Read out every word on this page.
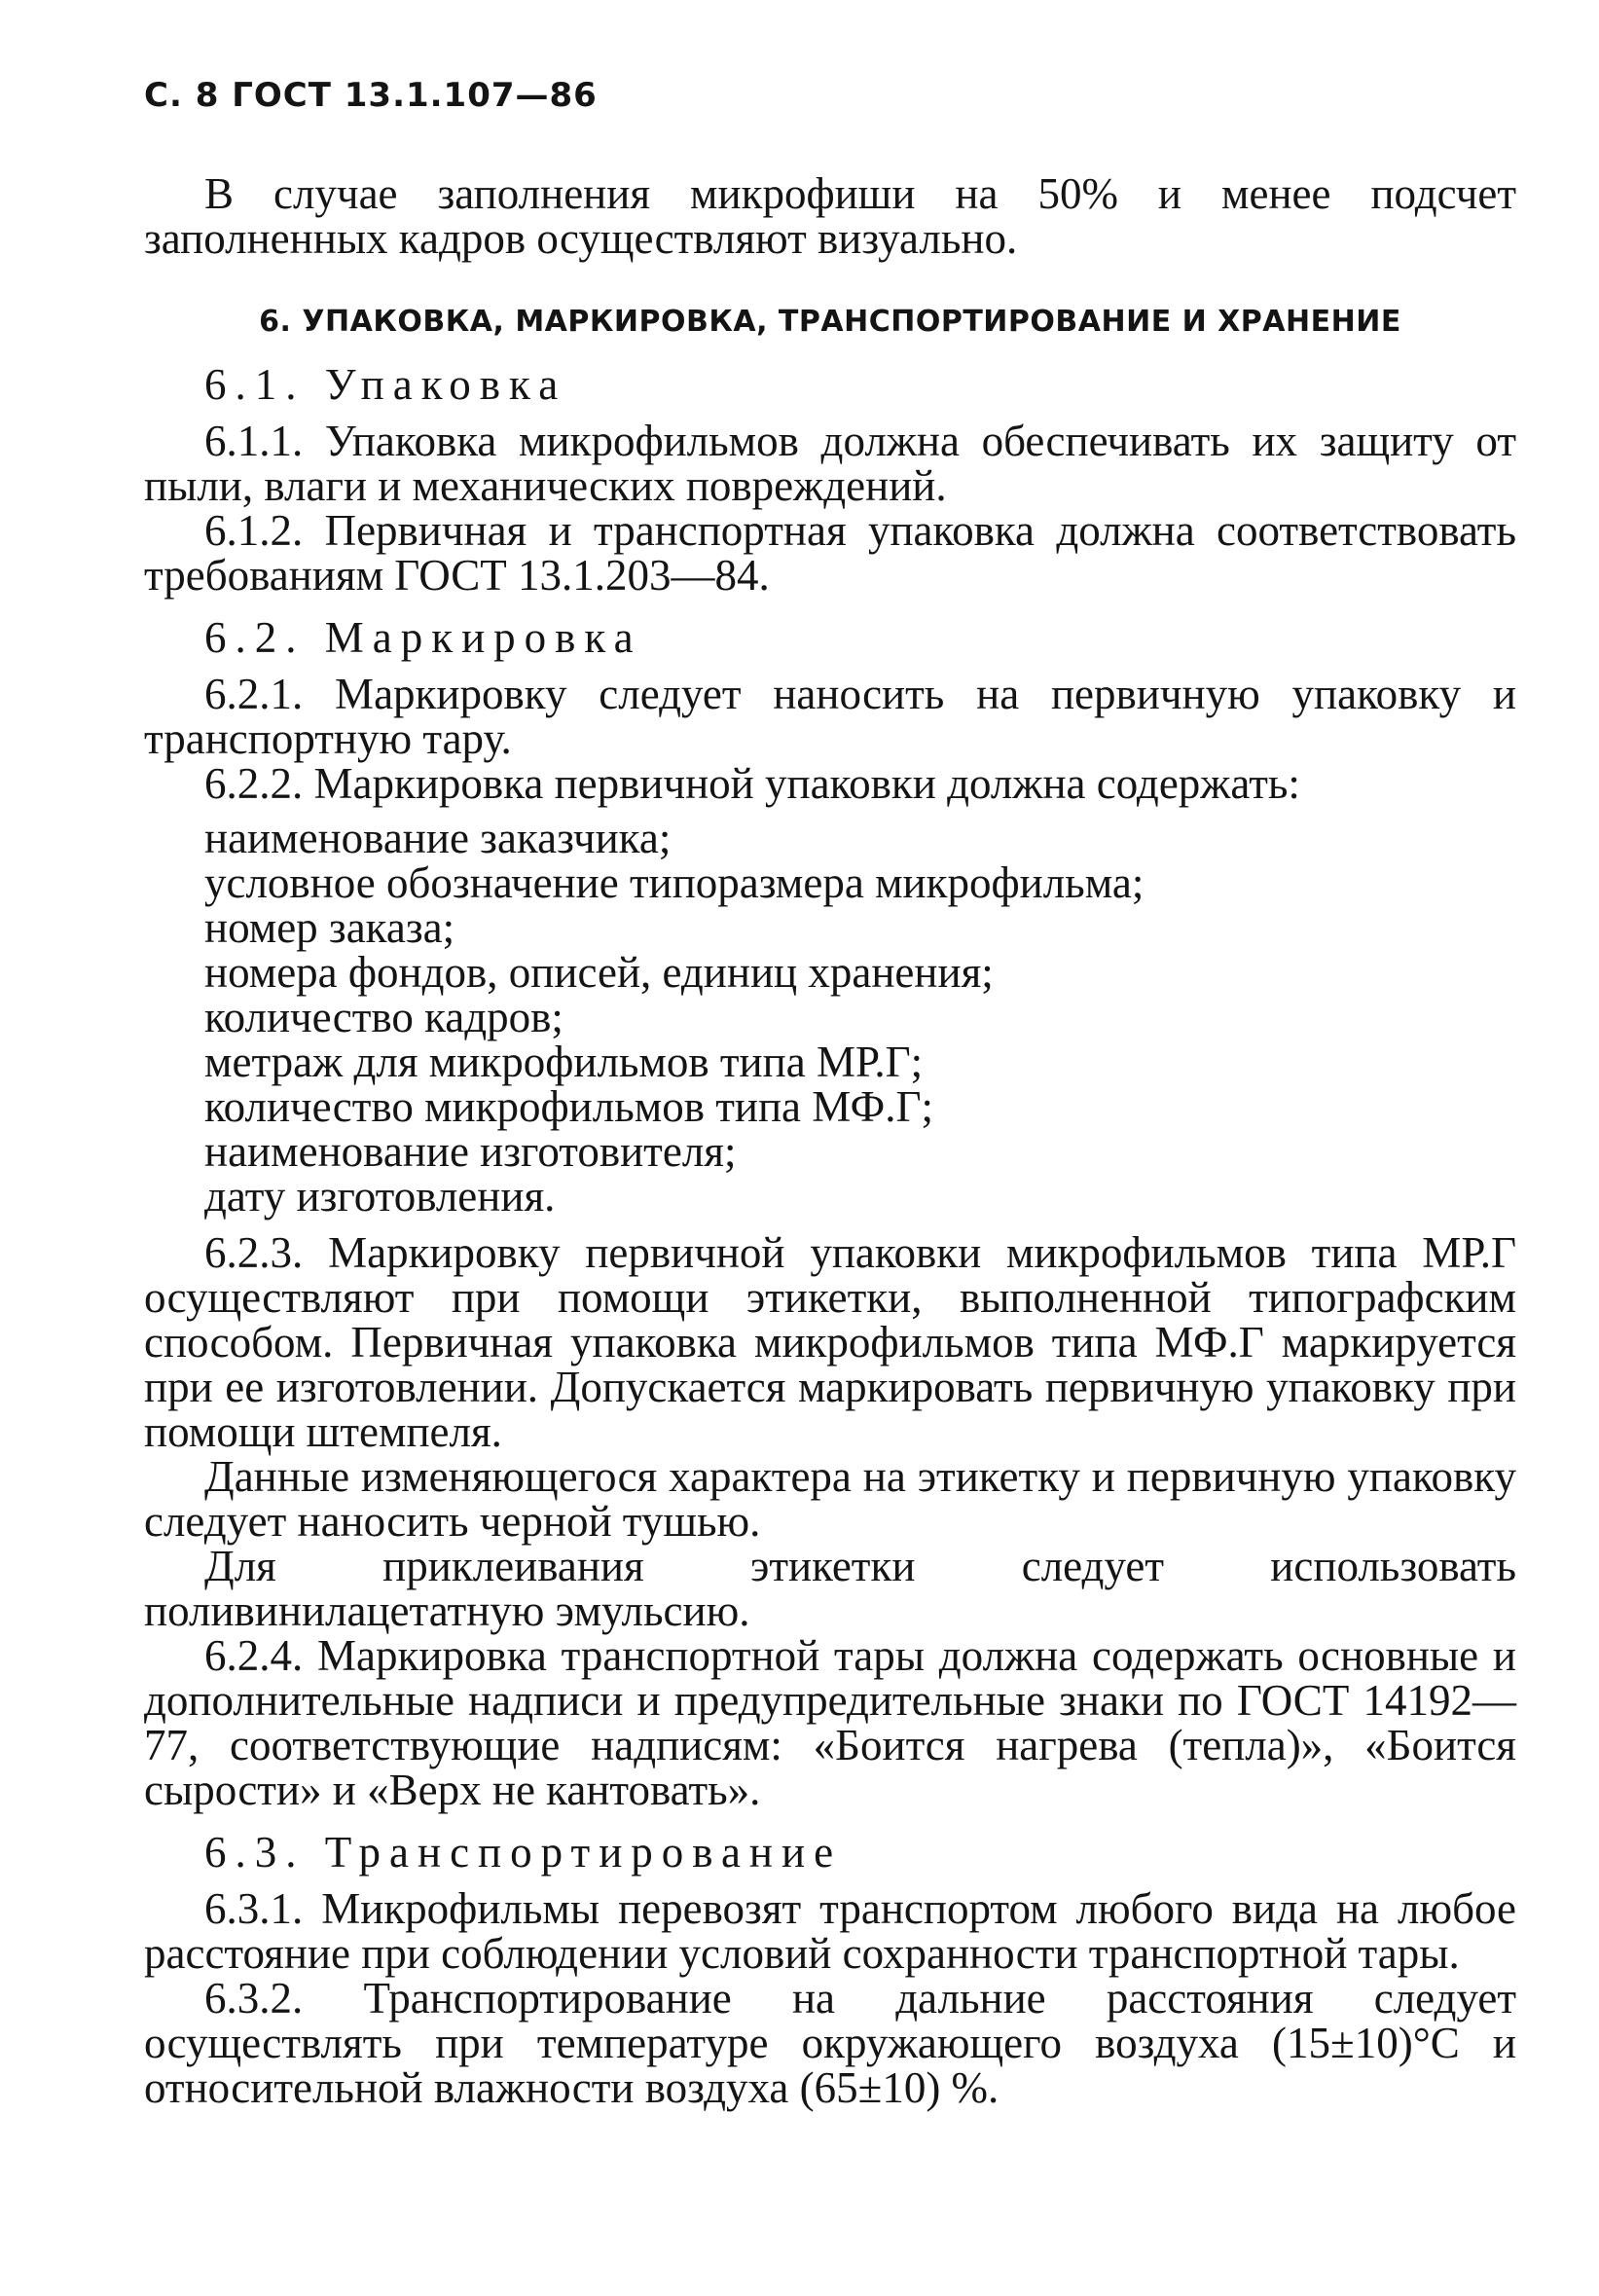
С. 8 ГОСТ 13.1.107—86

В случае заполнения микрофиши на 50% и менее подсчет заполненных кадров осуществляют визуально.

6. УПАКОВКА, МАРКИРОВКА, ТРАНСПОРТИРОВАНИЕ И ХРАНЕНИЕ
6.1. Упаковка

6.1.1. Упаковка микрофильмов должна обеспечивать их защиту от пыли, влаги и механических повреждений.

6.1.2. Первичная и транспортная упаковка должна соответствовать требованиям ГОСТ 13.1.203—84.

6.2. Маркировка

6.2.1. Маркировку следует наносить на первичную упаковку и транспортную тару.

6.2.2. Маркировка первичной упаковки должна содержать:

наименование заказчика;
условное обозначение типоразмера микрофильма;
номер заказа;
номера фондов, описей, единиц хранения;
количество кадров;
метраж для микрофильмов типа МР.Г;
количество микрофильмов типа МФ.Г;
наименование изготовителя;
дату изготовления.

6.2.3. Маркировку первичной упаковки микрофильмов типа МР.Г осуществляют при помощи этикетки, выполненной типографским способом. Первичная упаковка микрофильмов типа МФ.Г маркируется при ее изготовлении. Допускается маркировать первичную упаковку при помощи штемпеля.

Данные изменяющегося характера на этикетку и первичную упаковку следует наносить черной тушью.

Для приклеивания этикетки следует использовать поливинилацетатную эмульсию.

6.2.4. Маркировка транспортной тары должна содержать основные и дополнительные надписи и предупредительные знаки по ГОСТ 14192—77, соответствующие надписям: «Боится нагрева (тепла)», «Боится сырости» и «Верх не кантовать».

6.3. Транспортирование

6.3.1. Микрофильмы перевозят транспортом любого вида на любое расстояние при соблюдении условий сохранности транспортной тары.

6.3.2. Транспортирование на дальние расстояния следует осуществлять при температуре окружающего воздуха (15±10)°С и относительной влажности воздуха (65±10) %.
